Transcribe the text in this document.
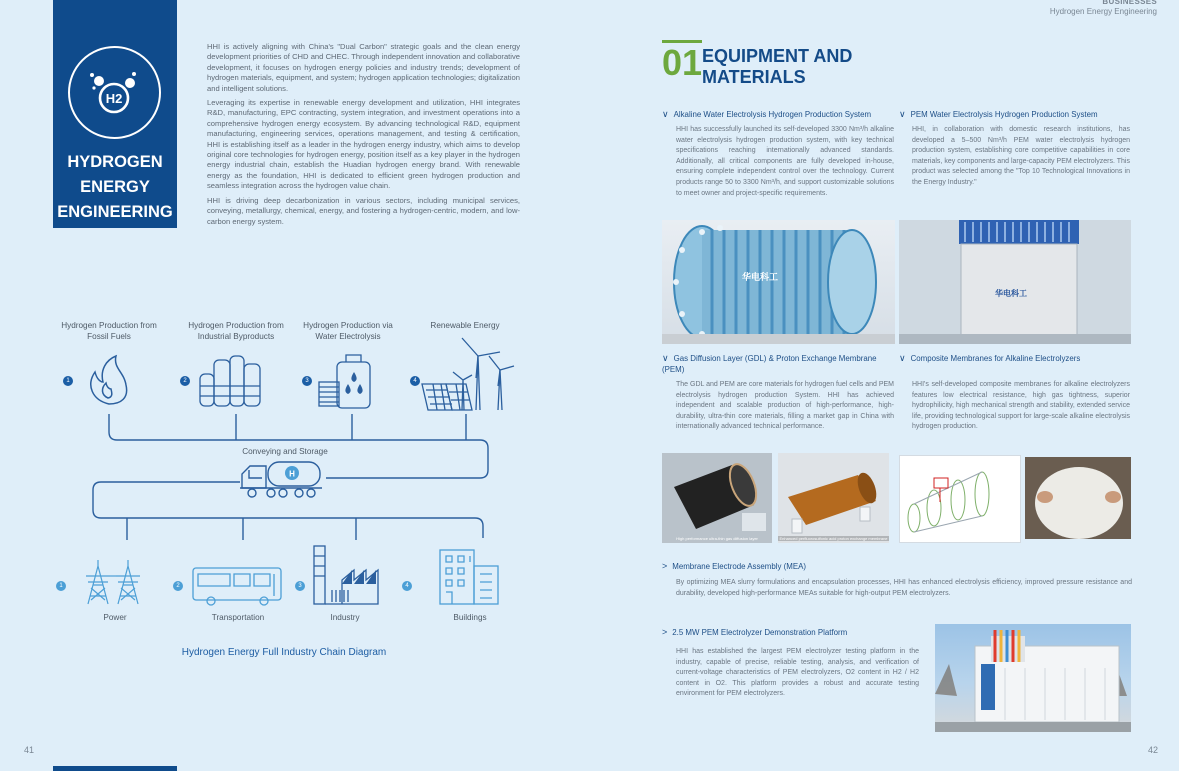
BUSINESSES
Hydrogen Energy Engineering
H2
HYDROGEN
ENERGY
ENGINEERING

HHI is actively aligning with China's "Dual Carbon" strategic goals and the clean energy development priorities of CHD and CHEC. Through independent innovation and collaborative development, it focuses on hydrogen energy policies and industry trends; development of hydrogen materials, equipment, and system; hydrogen application technologies; digitalization and intelligent solutions.

Leveraging its expertise in renewable energy development and utilization, HHI integrates R&D, manufacturing, EPC contracting, system integration, and investment operations into a comprehensive hydrogen energy ecosystem. By advancing technological R&D, equipment manufacturing, engineering services, operations management, and testing & certification, HHI is establishing itself as a leader in the hydrogen energy industry, which aims to develop original core technologies for hydrogen energy, position itself as a key player in the hydrogen energy industrial chain, establish the Huadian hydrogen energy brand. With renewable energy as the foundation, HHI is dedicated to efficient green hydrogen production and seamless integration across the hydrogen value chain.

HHI is driving deep decarbonization in various sectors, including municipal services, conveying, metallurgy, chemical, energy, and fostering a hydrogen-centric, modern, and low-carbon energy system.

H
Hydrogen Production from Fossil Fuels
Hydrogen Production from Industrial Byproducts
Hydrogen Production via Water Electrolysis
Renewable Energy
1	2	3	4
Conveying and Storage
1	2	3	4
Power	Transportation	Industry	Buildings
Hydrogen Energy Full Industry Chain Diagram
01 EQUIPMENT AND
MATERIALS
∨ Alkaline Water Electrolysis Hydrogen Production System
HHI has successfully launched its self-developed 3300 Nm³/h alkaline water electrolysis hydrogen production system, with key technical specifications reaching internationally advanced standards. Additionally, all critical components are fully developed in-house, ensuring complete independent control over the technology. Current products range 50 to 3300 Nm³/h, and support customizable solutions to meet owner and project-specific requirements.
∨ PEM Water Electrolysis Hydrogen Production System
HHI, in collaboration with domestic research institutions, has developed a 5–500 Nm³/h PEM water electrolysis hydrogen production system, establishing core competitive capabilities in core materials, key components and large-capacity PEM electrolyzers. This product was selected among the "Top 10 Technological Innovations in the Energy Industry."
华电科工
华电科工
∨ Gas Diffusion Layer (GDL) & Proton Exchange Membrane (PEM)
The GDL and PEM are core materials for hydrogen fuel cells and PEM electrolysis hydrogen production System. HHI has achieved independent and scalable production of high-performance, high-durability, ultra-thin core materials, filling a market gap in China with internationally advanced technical performance.
∨ Composite Membranes for Alkaline Electrolyzers
HHI's self-developed composite membranes for alkaline electrolyzers features low electrical resistance, high gas tightness, superior hydrophilicity, high mechanical strength and stability, extended service life, providing technological support for large-scale alkaline electrolysis hydrogen production.
High performance ultra-thin gas diffusion layer	Enhanced perfluorosulfonic acid proton exchange membrane
> Membrane Electrode Assembly (MEA)
By optimizing MEA slurry formulations and encapsulation processes, HHI has enhanced electrolysis efficiency, improved pressure resistance and durability, developed high-performance MEAs suitable for high-output PEM electrolyzers.
> 2.5 MW PEM Electrolyzer Demonstration Platform
HHI has established the largest PEM electrolyzer testing platform in the industry, capable of precise, reliable testing, analysis, and verification of current-voltage characteristics of PEM electrolyzers, O2 content in H2 / H2 content in O2. This platform provides a robust and accurate testing environment for PEM electrolyzers.
41	42
